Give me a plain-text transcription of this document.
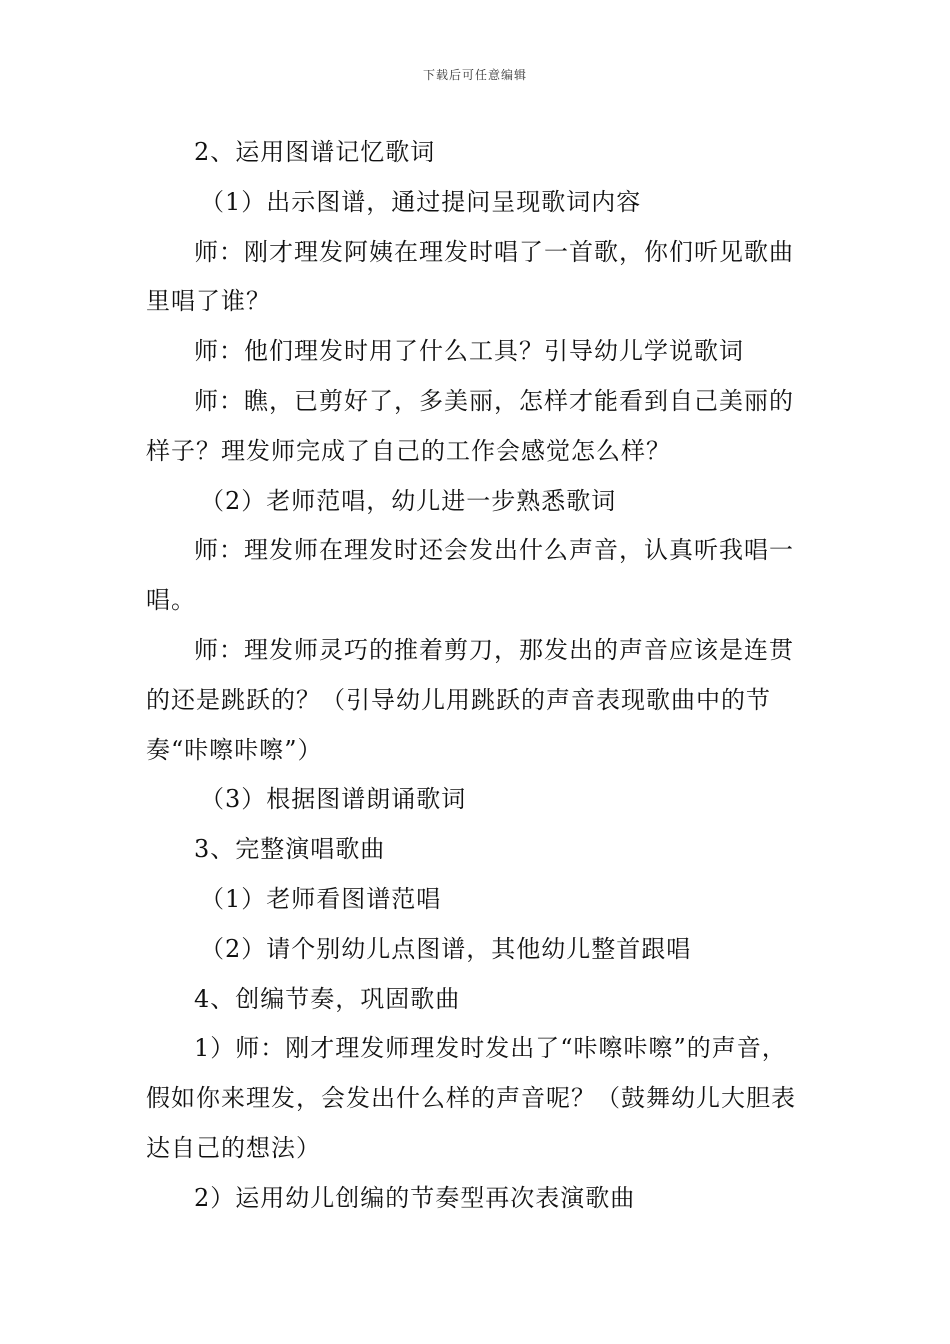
下载后可任意编辑

2、运用图谱记忆歌词

（1）出示图谱，通过提问呈现歌词内容

师：刚才理发阿姨在理发时唱了一首歌，你们听见歌曲里唱了谁？

师：他们理发时用了什么工具？引导幼儿学说歌词

师：瞧，已剪好了，多美丽，怎样才能看到自己美丽的样子？理发师完成了自己的工作会感觉怎么样？

（2）老师范唱，幼儿进一步熟悉歌词

师：理发师在理发时还会发出什么声音，认真听我唱一唱。

师：理发师灵巧的推着剪刀，那发出的声音应该是连贯的还是跳跃的？（引导幼儿用跳跃的声音表现歌曲中的节奏“咔嚓咔嚓”）

（3）根据图谱朗诵歌词

3、完整演唱歌曲

（1）老师看图谱范唱

（2）请个别幼儿点图谱，其他幼儿整首跟唱

4、创编节奏，巩固歌曲

1）师：刚才理发师理发时发出了“咔嚓咔嚓”的声音，假如你来理发，会发出什么样的声音呢？（鼓舞幼儿大胆表达自己的想法）

2）运用幼儿创编的节奏型再次表演歌曲
